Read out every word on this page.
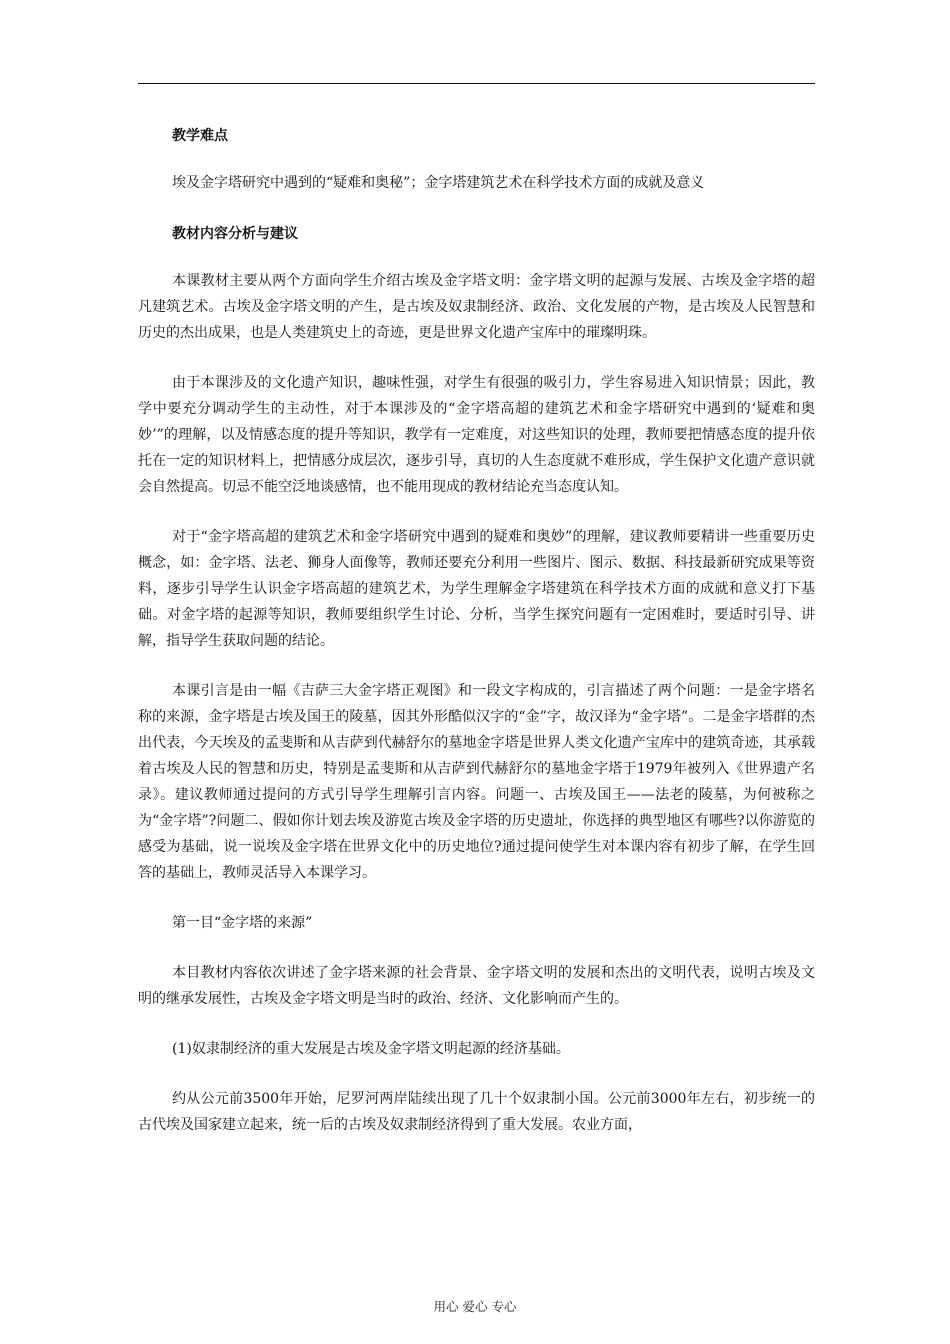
教学难点

埃及金字塔研究中遇到的“疑难和奥秘”；金字塔建筑艺术在科学技术方面的成就及意义

教材内容分析与建议

本课教材主要从两个方面向学生介绍古埃及金字塔文明：金字塔文明的起源与发展、古埃及金字塔的超凡建筑艺术。古埃及金字塔文明的产生，是古埃及奴隶制经济、政治、文化发展的产物，是古埃及人民智慧和历史的杰出成果，也是人类建筑史上的奇迹，更是世界文化遗产宝库中的璀璨明珠。

由于本课涉及的文化遗产知识，趣味性强，对学生有很强的吸引力，学生容易进入知识情景；因此，教学中要充分调动学生的主动性，对于本课涉及的“金字塔高超的建筑艺术和金字塔研究中遇到的‘疑难和奥妙’”的理解，以及情感态度的提升等知识，教学有一定难度，对这些知识的处理，教师要把情感态度的提升依托在一定的知识材料上，把情感分成层次，逐步引导，真切的人生态度就不难形成，学生保护文化遗产意识就会自然提高。切忌不能空泛地谈感情，也不能用现成的教材结论充当态度认知。

对于“金字塔高超的建筑艺术和金字塔研究中遇到的疑难和奥妙”的理解，建议教师要精讲一些重要历史概念，如：金字塔、法老、狮身人面像等，教师还要充分利用一些图片、图示、数据、科技最新研究成果等资料，逐步引导学生认识金字塔高超的建筑艺术，为学生理解金字塔建筑在科学技术方面的成就和意义打下基础。对金字塔的起源等知识，教师要组织学生讨论、分析，当学生探究问题有一定困难时，要适时引导、讲解，指导学生获取问题的结论。

本课引言是由一幅《吉萨三大金字塔正观图》和一段文字构成的，引言描述了两个问题：一是金字塔名称的来源，金字塔是古埃及国王的陵墓，因其外形酷似汉字的“金”字，故汉译为“金字塔”。二是金字塔群的杰出代表，今天埃及的孟斐斯和从吉萨到代赫舒尔的墓地金字塔是世界人类文化遗产宝库中的建筑奇迹，其承载着古埃及人民的智慧和历史，特别是孟斐斯和从吉萨到代赫舒尔的墓地金字塔于1979年被列入《世界遗产名录》。建议教师通过提问的方式引导学生理解引言内容。问题一、古埃及国王——法老的陵墓，为何被称之为“金字塔”?问题二、假如你计划去埃及游览古埃及金字塔的历史遗址，你选择的典型地区有哪些?以你游览的感受为基础，说一说埃及金字塔在世界文化中的历史地位?通过提问使学生对本课内容有初步了解，在学生回答的基础上，教师灵活导入本课学习。

第一目“金字塔的来源”

本目教材内容依次讲述了金字塔来源的社会背景、金字塔文明的发展和杰出的文明代表，说明古埃及文明的继承发展性，古埃及金字塔文明是当时的政治、经济、文化影响而产生的。

(1)奴隶制经济的重大发展是古埃及金字塔文明起源的经济基础。

约从公元前3500年开始，尼罗河两岸陆续出现了几十个奴隶制小国。公元前3000年左右，初步统一的古代埃及国家建立起来，统一后的古埃及奴隶制经济得到了重大发展。农业方面，

用心 爱心 专心
